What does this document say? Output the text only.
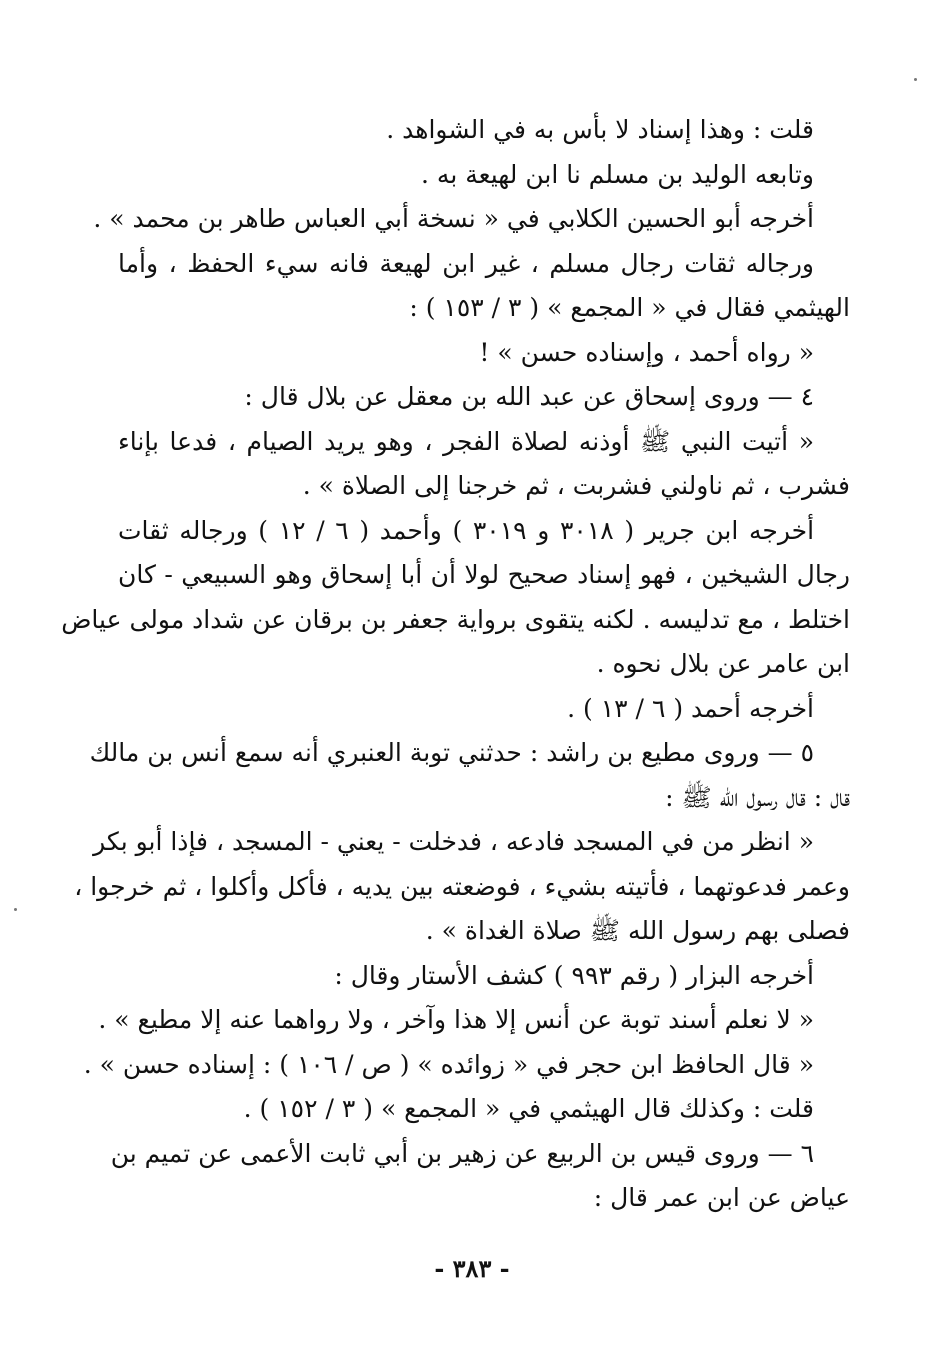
قلت : وهذا إسناد لا بأس به في الشواهد .
وتابعه الوليد بن مسلم نا ابن لهيعة به .
أخرجه أبو الحسين الكلابي في « نسخة أبي العباس طاهر بن محمد » .
ورجاله ثقات رجال مسلم ، غير ابن لهيعة فانه سيء الحفظ ، وأما
الهيثمي فقال في « المجمع » ( ٣ / ١٥٣ ) :
« رواه أحمد ، وإسناده حسن » !
٤ — وروى إسحاق عن عبد الله بن معقل عن بلال قال :
« أتيت النبي ﷺ أوذنه لصلاة الفجر ، وهو يريد الصيام ، فدعا بإناء
فشرب ، ثم ناولني فشربت ، ثم خرجنا إلى الصلاة » .
أخرجه ابن جرير ( ٣٠١٨ و ٣٠١٩ ) وأحمد ( ٦ / ١٢ ) ورجاله ثقات
رجال الشيخين ، فهو إسناد صحيح لولا أن أبا إسحاق وهو السبيعي - كان
اختلط ، مع تدليسه . لكنه يتقوى برواية جعفر بن برقان عن شداد مولى عياض
ابن عامر عن بلال نحوه .
أخرجه أحمد ( ٦ / ١٣ ) .
٥ — وروى مطيع بن راشد : حدثني توبة العنبري أنه سمع أنس بن مالك
قال : قال رسول الله ﷺ :
« انظر من في المسجد فادعه ، فدخلت - يعني - المسجد ، فإذا أبو بكر
وعمر فدعوتهما ، فأتيته بشيء ، فوضعته بين يديه ، فأكل وأكلوا ، ثم خرجوا ،
فصلى بهم رسول الله ﷺ صلاة الغداة » .
أخرجه البزار ( رقم ٩٩٣ ) كشف الأستار وقال :
« لا نعلم أسند توبة عن أنس إلا هذا وآخر ، ولا رواهما عنه إلا مطيع » .
« قال الحافظ ابن حجر في « زوائده » ( ص / ١٠٦ ) : إسناده حسن » .
قلت : وكذلك قال الهيثمي في « المجمع » ( ٣ / ١٥٢ ) .
٦ — وروى قيس بن الربيع عن زهير بن أبي ثابت الأعمى عن تميم بن
عياض عن ابن عمر قال :
- ٣٨٣ -
